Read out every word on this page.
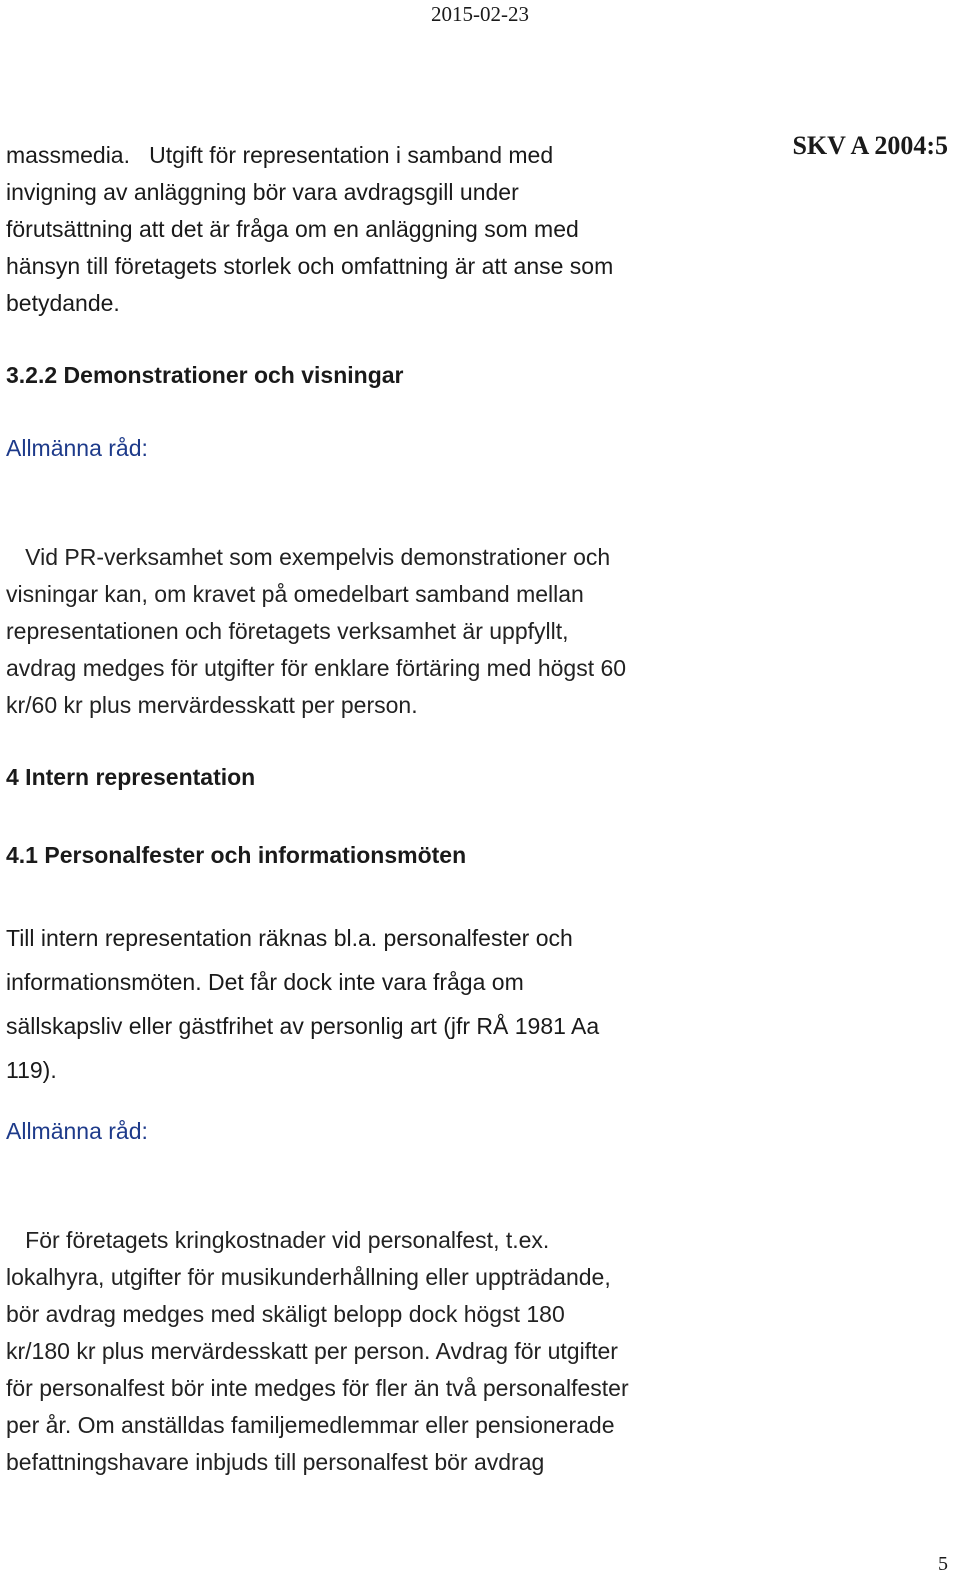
2015-02-23
SKV A 2004:5
massmedia.   Utgift för representation i samband med
invigning av anläggning bör vara avdragsgill under
förutsättning att det är fråga om en anläggning som med
hänsyn till företagets storlek och omfattning är att anse som
betydande.
3.2.2 Demonstrationer och visningar
Allmänna råd:
Vid PR-verksamhet som exempelvis demonstrationer och
visningar kan, om kravet på omedelbart samband mellan
representationen och företagets verksamhet är uppfyllt,
avdrag medges för utgifter för enklare förtäring med högst 60
kr/60 kr plus mervärdesskatt per person.
4 Intern representation
4.1 Personalfester och informationsmöten
Till intern representation räknas bl.a. personalfester och
informationsmöten. Det får dock inte vara fråga om
sällskapsliv eller gästfrihet av personlig art (jfr RÅ 1981 Aa
119).
Allmänna råd:
För företagets kringkostnader vid personalfest, t.ex.
lokalhyra, utgifter för musikunderhållning eller uppträdande,
bör avdrag medges med skäligt belopp dock högst 180
kr/180 kr plus mervärdesskatt per person. Avdrag för utgifter
för personalfest bör inte medges för fler än två personalfester
per år. Om anställdas familjemedlemmar eller pensionerade
befattningshavare inbjuds till personalfest bör avdrag
5
